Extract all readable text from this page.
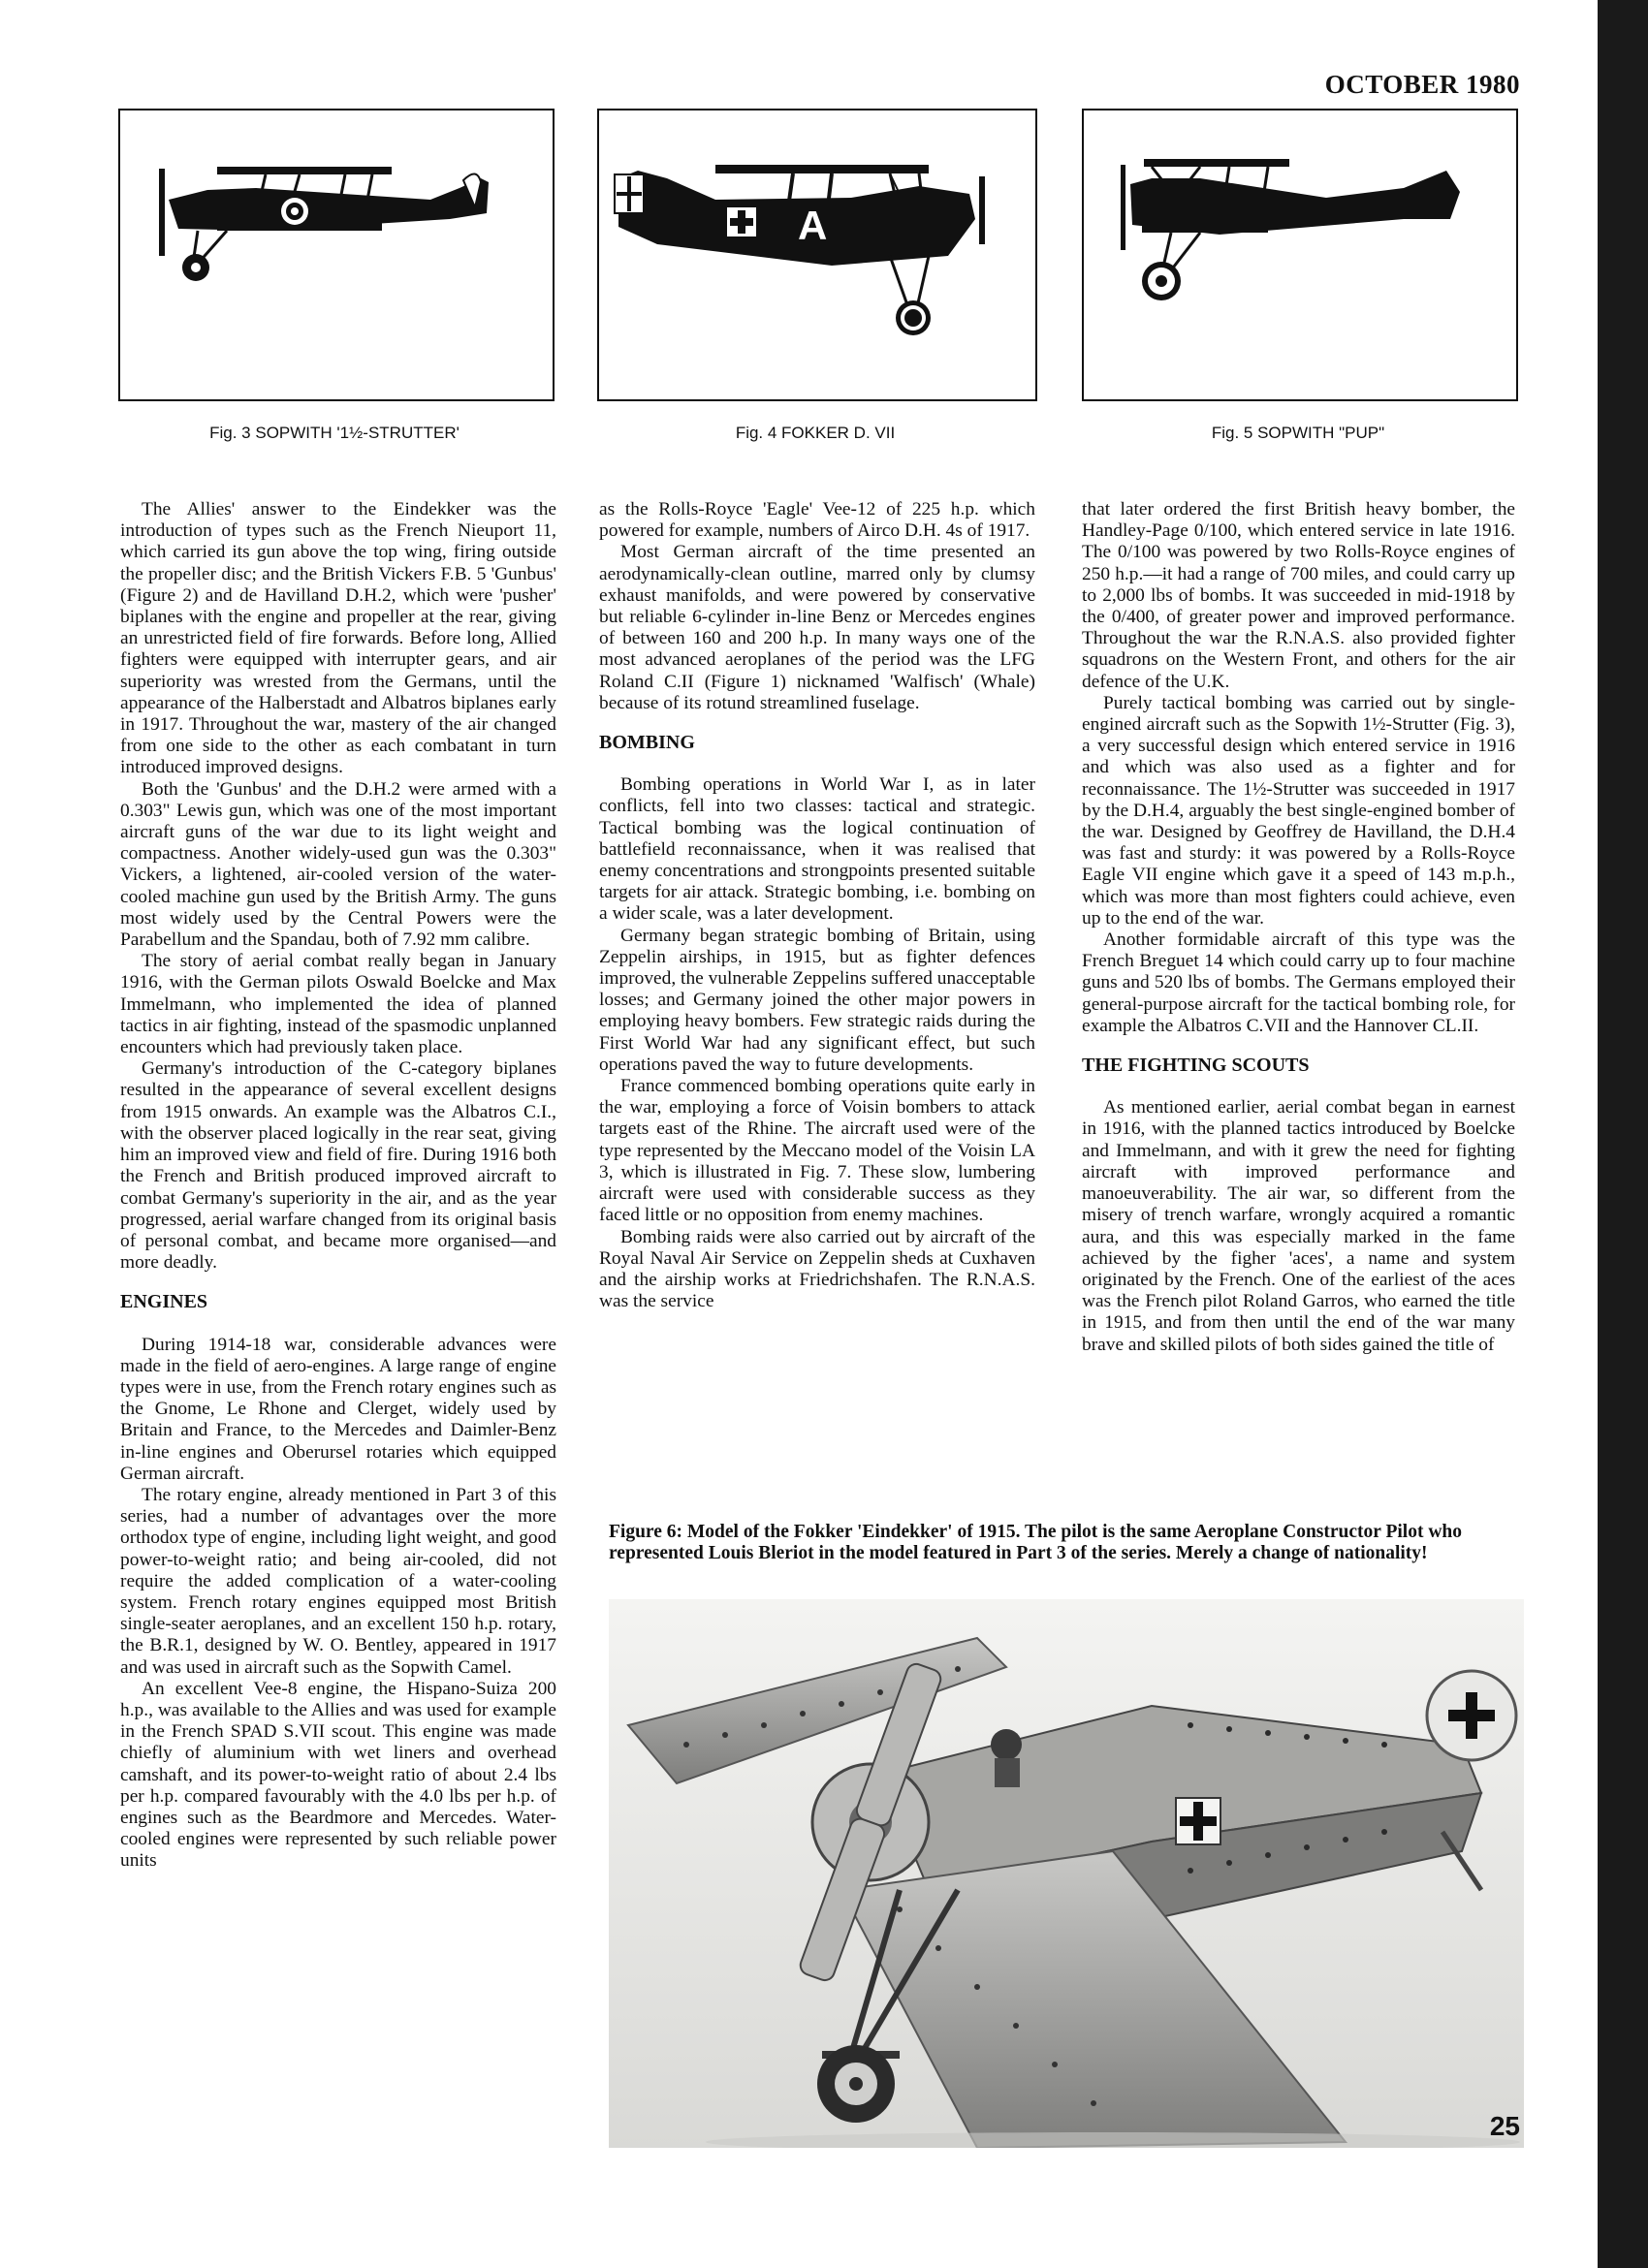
OCTOBER 1980
Fig. 3 SOPWITH '1½-STRUTTER'
A
Fig. 4 FOKKER D. VII	Fig. 5 SOPWITH "PUP"

The Allies' answer to the Eindekker was the introduction of types such as the French Nieuport 11, which carried its gun above the top wing, firing outside the propeller disc; and the British Vickers F.B. 5 'Gunbus' (Figure 2) and de Havilland D.H.2, which were 'pusher' biplanes with the engine and propeller at the rear, giving an unrestricted field of fire forwards. Before long, Allied fighters were equipped with interrupter gears, and air superiority was wrested from the Germans, until the appearance of the Halberstadt and Albatros biplanes early in 1917. Throughout the war, mastery of the air changed from one side to the other as each combatant in turn introduced improved designs.

Both the 'Gunbus' and the D.H.2 were armed with a 0.303" Lewis gun, which was one of the most important aircraft guns of the war due to its light weight and compactness. Another widely-used gun was the 0.303" Vickers, a lightened, air-cooled version of the water-cooled machine gun used by the British Army. The guns most widely used by the Central Powers were the Parabellum and the Spandau, both of 7.92 mm calibre.

The story of aerial combat really began in January 1916, with the German pilots Oswald Boelcke and Max Immelmann, who implemented the idea of planned tactics in air fighting, instead of the spasmodic unplanned encounters which had previously taken place.

Germany's introduction of the C-category biplanes resulted in the appearance of several excellent designs from 1915 onwards. An example was the Albatros C.I., with the observer placed logically in the rear seat, giving him an improved view and field of fire. During 1916 both the French and British produced improved aircraft to combat Germany's superiority in the air, and as the year progressed, aerial warfare changed from its original basis of personal combat, and became more organised—and more deadly.

ENGINES

During 1914-18 war, considerable advances were made in the field of aero-engines. A large range of engine types were in use, from the French rotary engines such as the Gnome, Le Rhone and Clerget, widely used by Britain and France, to the Mercedes and Daimler-Benz in-line engines and Oberursel rotaries which equipped German aircraft.

The rotary engine, already mentioned in Part 3 of this series, had a number of advantages over the more orthodox type of engine, including light weight, and good power-to-weight ratio; and being air-cooled, did not require the added complication of a water-cooling system. French rotary engines equipped most British single-seater aeroplanes, and an excellent 150 h.p. rotary, the B.R.1, designed by W. O. Bentley, appeared in 1917 and was used in aircraft such as the Sopwith Camel.

An excellent Vee-8 engine, the Hispano-Suiza 200 h.p., was available to the Allies and was used for example in the French SPAD S.VII scout. This engine was made chiefly of aluminium with wet liners and overhead camshaft, and its power-to-weight ratio of about 2.4 lbs per h.p. compared favourably with the 4.0 lbs per h.p. of engines such as the Beardmore and Mercedes. Water-cooled engines were represented by such reliable power units

as the Rolls-Royce 'Eagle' Vee-12 of 225 h.p. which powered for example, numbers of Airco D.H. 4s of 1917.

Most German aircraft of the time presented an aerodynamically-clean outline, marred only by clumsy exhaust manifolds, and were powered by conservative but reliable 6-cylinder in-line Benz or Mercedes engines of between 160 and 200 h.p. In many ways one of the most advanced aeroplanes of the period was the LFG Roland C.II (Figure 1) nicknamed 'Walfisch' (Whale) because of its rotund streamlined fuselage.

BOMBING

Bombing operations in World War I, as in later conflicts, fell into two classes: tactical and strategic. Tactical bombing was the logical continuation of battlefield reconnaissance, when it was realised that enemy concentrations and strongpoints presented suitable targets for air attack. Strategic bombing, i.e. bombing on a wider scale, was a later development.

Germany began strategic bombing of Britain, using Zeppelin airships, in 1915, but as fighter defences improved, the vulnerable Zeppelins suffered unacceptable losses; and Germany joined the other major powers in employing heavy bombers. Few strategic raids during the First World War had any significant effect, but such operations paved the way to future developments.

France commenced bombing operations quite early in the war, employing a force of Voisin bombers to attack targets east of the Rhine. The aircraft used were of the type represented by the Meccano model of the Voisin LA 3, which is illustrated in Fig. 7. These slow, lumbering aircraft were used with considerable success as they faced little or no opposition from enemy machines.

Bombing raids were also carried out by aircraft of the Royal Naval Air Service on Zeppelin sheds at Cuxhaven and the airship works at Friedrichshafen. The R.N.A.S. was the service

that later ordered the first British heavy bomber, the Handley-Page 0/100, which entered service in late 1916. The 0/100 was powered by two Rolls-Royce engines of 250 h.p.—it had a range of 700 miles, and could carry up to 2,000 lbs of bombs. It was succeeded in mid-1918 by the 0/400, of greater power and improved performance. Throughout the war the R.N.A.S. also provided fighter squadrons on the Western Front, and others for the air defence of the U.K.

Purely tactical bombing was carried out by single-engined aircraft such as the Sopwith 1½-Strutter (Fig. 3), a very successful design which entered service in 1916 and which was also used as a fighter and for reconnaissance. The 1½-Strutter was succeeded in 1917 by the D.H.4, arguably the best single-engined bomber of the war. Designed by Geoffrey de Havilland, the D.H.4 was fast and sturdy: it was powered by a Rolls-Royce Eagle VII engine which gave it a speed of 143 m.p.h., which was more than most fighters could achieve, even up to the end of the war.

Another formidable aircraft of this type was the French Breguet 14 which could carry up to four machine guns and 520 lbs of bombs. The Germans employed their general-purpose aircraft for the tactical bombing role, for example the Albatros C.VII and the Hannover CL.II.

THE FIGHTING SCOUTS

As mentioned earlier, aerial combat began in earnest in 1916, with the planned tactics introduced by Boelcke and Immelmann, and with it grew the need for fighting aircraft with improved performance and manoeuverability. The air war, so different from the misery of trench warfare, wrongly acquired a romantic aura, and this was especially marked in the fame achieved by the figher 'aces', a name and system originated by the French. One of the earliest of the aces was the French pilot Roland Garros, who earned the title in 1915, and from then until the end of the war many brave and skilled pilots of both sides gained the title of

Figure 6: Model of the Fokker 'Eindekker' of 1915. The pilot is the same Aeroplane Constructor Pilot who represented Louis Bleriot in the model featured in Part 3 of the series. Merely a change of nationality!
25
